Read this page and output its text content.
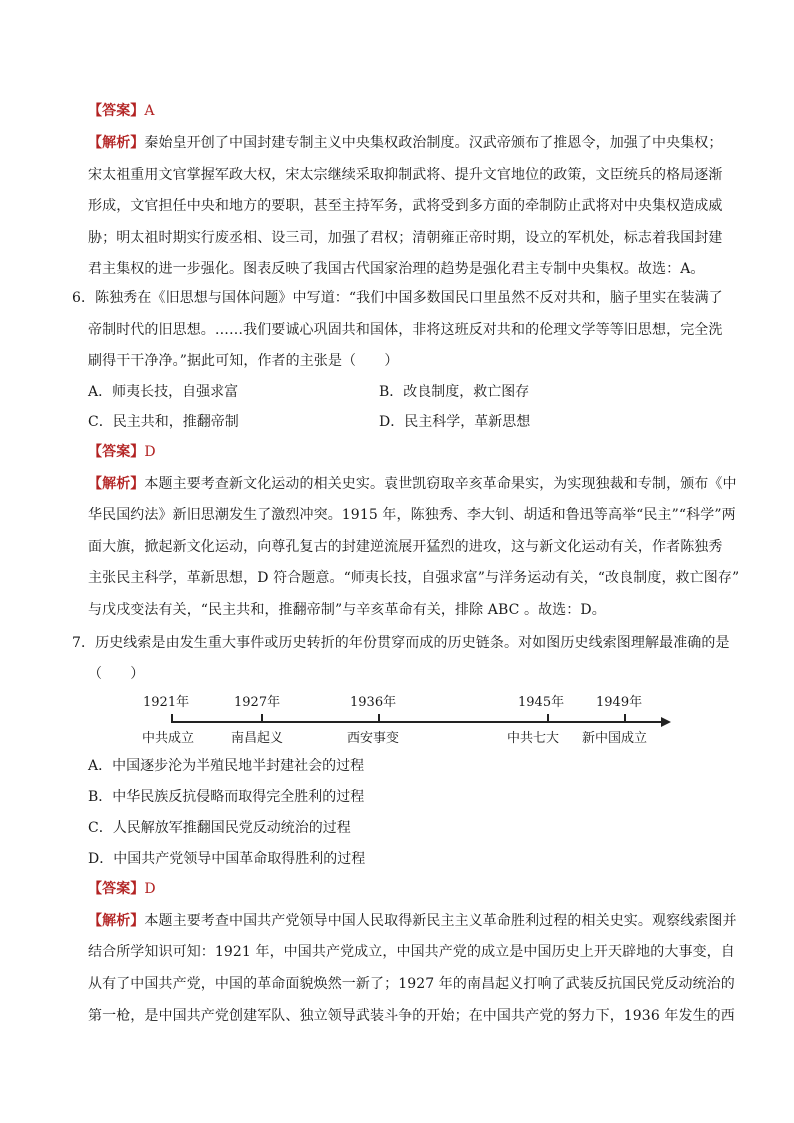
【答案】A
【解析】秦始皇开创了中国封建专制主义中央集权政治制度。汉武帝颁布了推恩令，加强了中央集权；
宋太祖重用文官掌握军政大权，宋太宗继续采取抑制武将、提升文官地位的政策，文臣统兵的格局逐渐
形成，文官担任中央和地方的要职，甚至主持军务，武将受到多方面的牵制防止武将对中央集权造成威
胁；明太祖时期实行废丞相、设三司，加强了君权；清朝雍正帝时期，设立的军机处，标志着我国封建
君主集权的进一步强化。图表反映了我国古代国家治理的趋势是强化君主专制中央集权。故选：A。
6．陈独秀在《旧思想与国体问题》中写道：“我们中国多数国民口里虽然不反对共和，脑子里实在装满了
帝制时代的旧思想。……我们要诚心巩固共和国体，非将这班反对共和的伦理文学等等旧思想，完全洗
刷得干干净净。”据此可知，作者的主张是（　　）
A．师夷长技，自强求富	B．改良制度，救亡图存
C．民主共和，推翻帝制	D．民主科学，革新思想
【答案】D
【解析】本题主要考查新文化运动的相关史实。袁世凯窃取辛亥革命果实，为实现独裁和专制，颁布《中
华民国约法》新旧思潮发生了激烈冲突。1915 年，陈独秀、李大钊、胡适和鲁迅等高举“民主”“科学”两
面大旗，掀起新文化运动，向尊孔复古的封建逆流展开猛烈的进攻，这与新文化运动有关，作者陈独秀
主张民主科学，革新思想，D 符合题意。“师夷长技，自强求富”与洋务运动有关，“改良制度，救亡图存”
与戊戌变法有关，“民主共和，推翻帝制”与辛亥革命有关，排除 ABC 。故选：D。
7．历史线索是由发生重大事件或历史转折的年份贯穿而成的历史链条。对如图历史线索图理解最准确的是
（　　）
1921年	1927年	1936年	1945年 1949年
中共成立	南昌起义	西安事变	中共七大 新中国成立
A．中国逐步沦为半殖民地半封建社会的过程
B．中华民族反抗侵略而取得完全胜利的过程
C．人民解放军推翻国民党反动统治的过程
D．中国共产党领导中国革命取得胜利的过程
【答案】D
【解析】本题主要考查中国共产党领导中国人民取得新民主主义革命胜利过程的相关史实。观察线索图并
结合所学知识可知：1921 年，中国共产党成立，中国共产党的成立是中国历史上开天辟地的大事变，自
从有了中国共产党，中国的革命面貌焕然一新了；1927 年的南昌起义打响了武装反抗国民党反动统治的
第一枪，是中国共产党创建军队、独立领导武装斗争的开始；在中国共产党的努力下，1936 年发生的西
